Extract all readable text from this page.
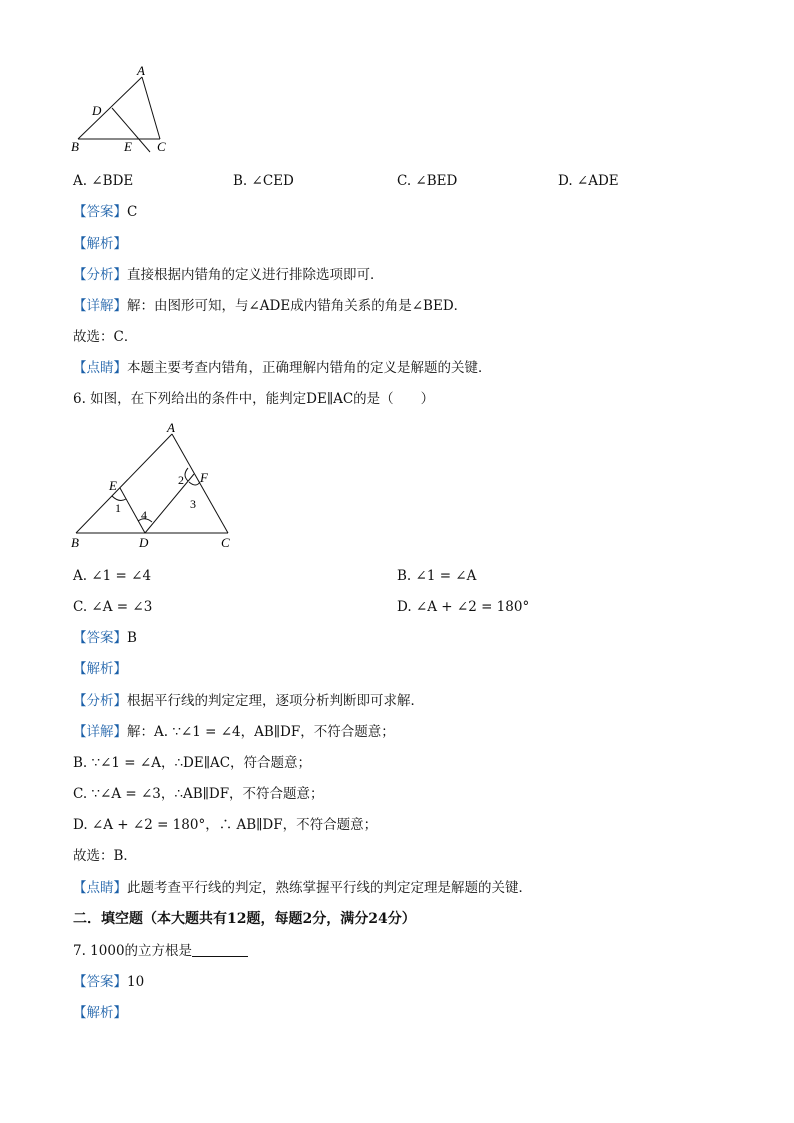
A
D
B	E C
A. ∠BDE	B. ∠CED	C. ∠BED	D. ∠ADE
【答案】C
【解析】
【分析】直接根据内错角的定义进行排除选项即可．
【详解】解：由图形可知，与∠ADE成内错角关系的角是∠BED．
故选：C．
【点睛】本题主要考查内错角，正确理解内错角的定义是解题的关键．
6. 如图，在下列给出的条件中，能判定DE∥AC的是（　　）
A
E
F
B	D	C
1
2
3
4
A. ∠1 = ∠4	B. ∠1 = ∠A
C. ∠A = ∠3	D. ∠A + ∠2 = 180°
【答案】B
【解析】
【分析】根据平行线的判定定理，逐项分析判断即可求解．
【详解】解：A. ∵∠1 = ∠4，AB∥DF，不符合题意；
B. ∵∠1 = ∠A，∴DE∥AC，符合题意；
C. ∵∠A = ∠3，∴AB∥DF，不符合题意；
D. ∠A + ∠2 = 180°，∴ AB∥DF，不符合题意；
故选：B．
【点睛】此题考查平行线的判定，熟练掌握平行线的判定定理是解题的关键．
二．填空题（本大题共有12题，每题2分，满分24分）
7. 1000的立方根是
【答案】10
【解析】
